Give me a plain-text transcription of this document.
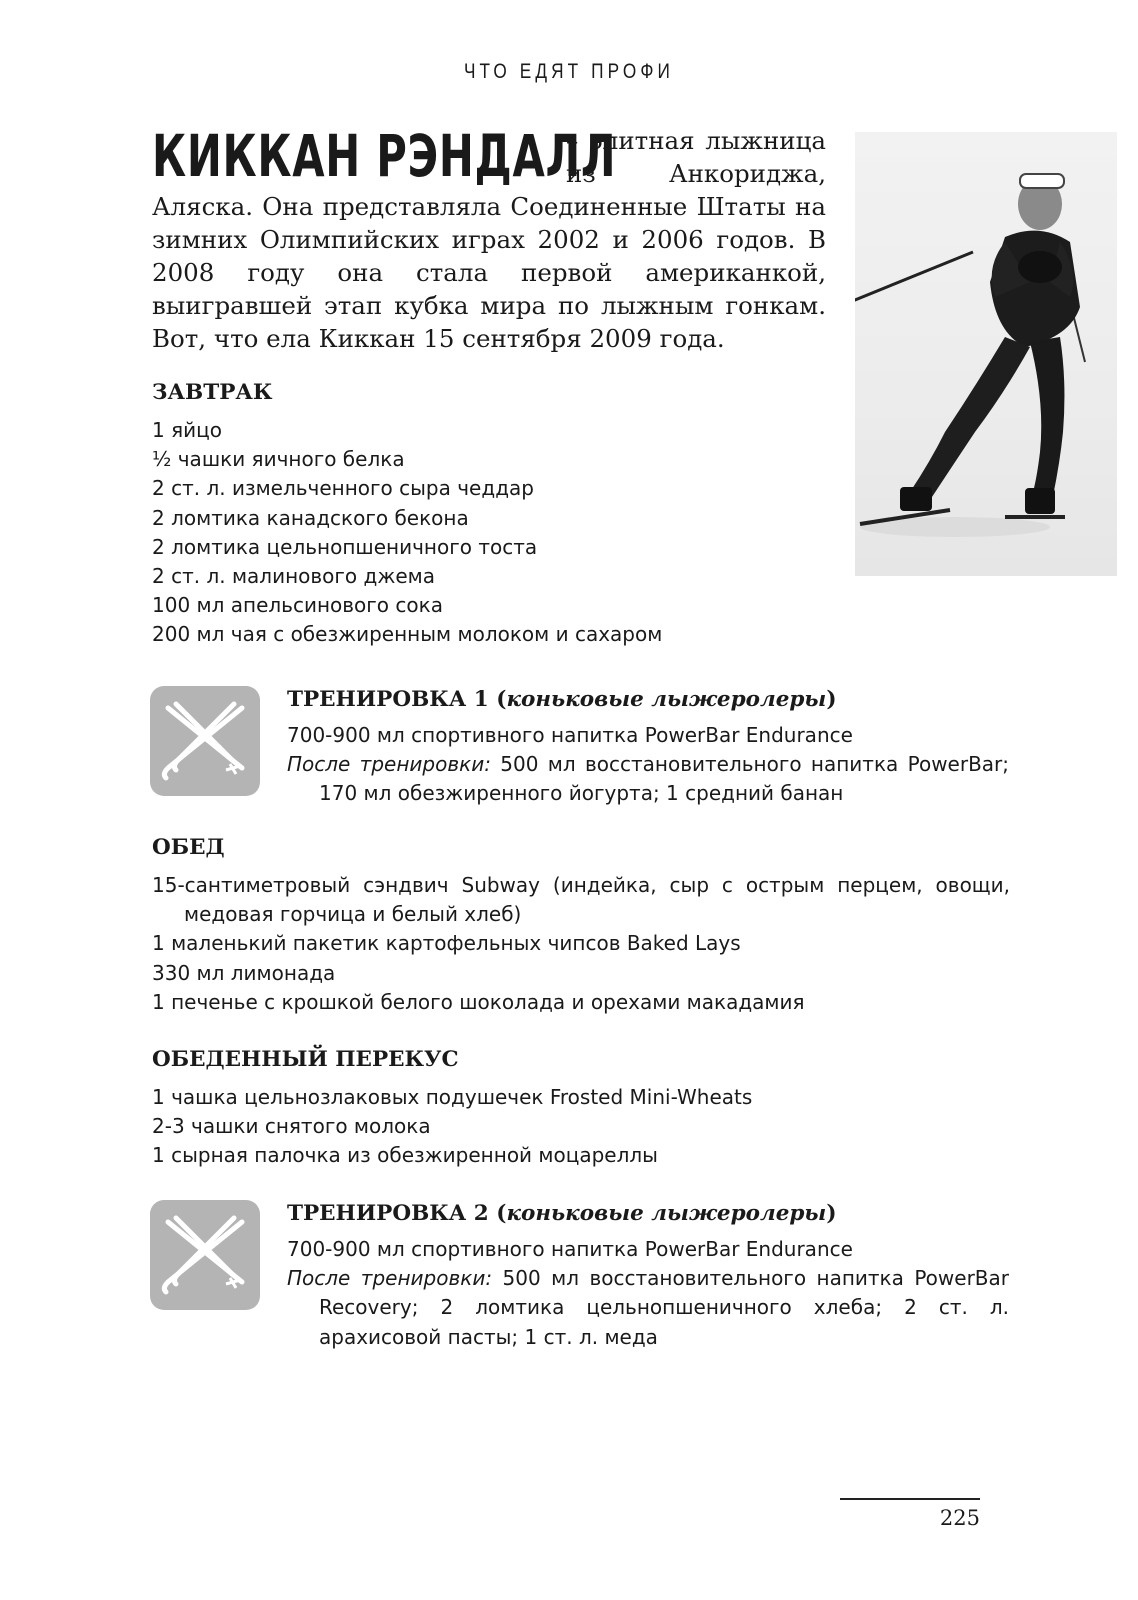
ЧТО ЕДЯТ ПРОФИ

КИККАН РЭНДАЛЛ
– элитная лыжница из Анкориджа, Аляска. Она представляла Соединенные Штаты на зимних Олимпийских играх 2002 и 2006 годов. В 2008 году она стала первой американкой, выигравшей этап кубка мира по лыжным гонкам. Вот, что ела Киккан 15 сентября 2009 года.

ЗАВТРАК
1 яйцо
½ чашки яичного белка
2 ст. л. измельченного сыра чеддар
2 ломтика канадского бекона
2 ломтика цельнопшеничного тоста
2 ст. л. малинового джема
100 мл апельсинового сока
200 мл чая с обезжиренным молоком и сахаром
ТРЕНИРОВКА 1 (коньковые лыжеролеры)
700-900 мл спортивного напитка PowerBar Endurance
После тренировки: 500 мл восстановительного напитка PowerBar; 170 мл обезжиренного йогурта; 1 средний банан
ОБЕД
15-сантиметровый сэндвич Subway (индейка, сыр с острым перцем, овощи, медовая горчица и белый хлеб)
1 маленький пакетик картофельных чипсов Baked Lays
330 мл лимонада
1 печенье с крошкой белого шоколада и орехами макадамия
ОБЕДЕННЫЙ ПЕРЕКУС
1 чашка цельнозлаковых подушечек Frosted Mini-Wheats
2-3 чашки снятого молока
1 сырная палочка из обезжиренной моцареллы
ТРЕНИРОВКА 2 (коньковые лыжеролеры)
700-900 мл спортивного напитка PowerBar Endurance
После тренировки: 500 мл восстановительного напитка PowerBar Recovery; 2 ломтика цельнопшеничного хлеба; 2 ст. л. арахисовой пасты; 1 ст. л. меда
225
